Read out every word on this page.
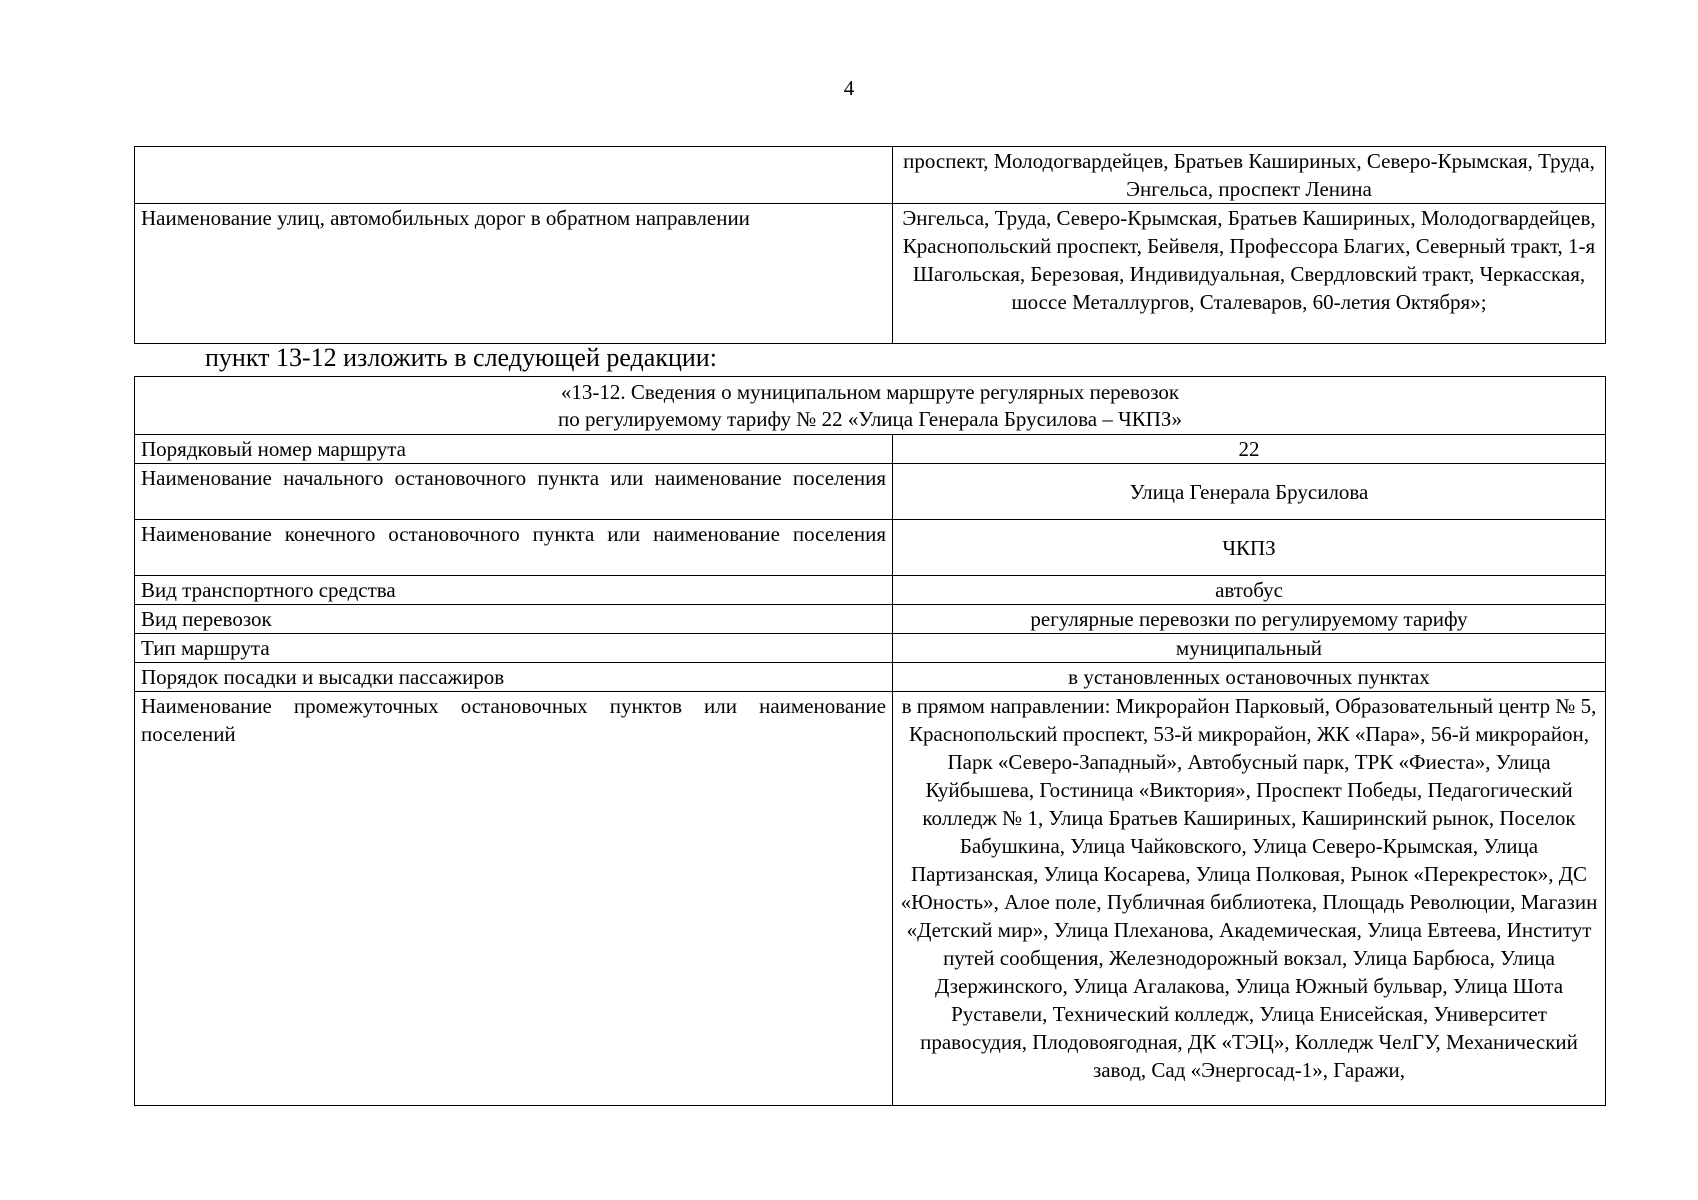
4
	проспект, Молодогвардейцев, Братьев Кашириных, Северо-Крымская, Труда, Энгельса, проспект Ленина
Наименование улиц, автомобильных дорог в обратном направлении	Энгельса, Труда, Северо-Крымская, Братьев Кашириных, Молодогвардейцев, Краснопольский проспект, Бейвеля, Профессора Благих, Северный тракт, 1-я Шагольская, Березовая, Индивидуальная, Свердловский тракт, Черкасская, шоссе Металлургов, Сталеваров, 60-летия Октября»;
пункт 13-12 изложить в следующей редакции:
«13-12. Сведения о муниципальном маршруте регулярных перевозок
по регулируемому тарифу № 22 «Улица Генерала Брусилова – ЧКПЗ»	

Порядковый номер маршрута	22
Наименование начального остановочного пункта или наименование поселения	Улица Генерала Брусилова
Наименование конечного остановочного пункта или наименование поселения	ЧКПЗ
Вид транспортного средства	автобус
Вид перевозок	регулярные перевозки по регулируемому тарифу
Тип маршрута	муниципальный
Порядок посадки и высадки пассажиров	в установленных остановочных пунктах
Наименование промежуточных остановочных пунктов или наименование поселений	в прямом направлении: Микрорайон Парковый, Образовательный центр № 5, Краснопольский проспект, 53-й микрорайон, ЖК «Пара», 56-й микрорайон, Парк «Северо-Западный», Автобусный парк, ТРК «Фиеста», Улица Куйбышева, Гостиница «Виктория», Проспект Победы, Педагогический колледж № 1, Улица Братьев Кашириных, Каширинский рынок, Поселок Бабушкина, Улица Чайковского, Улица Северо-Крымская, Улица Партизанская, Улица Косарева, Улица Полковая, Рынок «Перекресток», ДС «Юность», Алое поле, Публичная библиотека, Площадь Революции, Магазин «Детский мир», Улица Плеханова, Академическая, Улица Евтеева, Институт путей сообщения, Железнодорожный вокзал, Улица Барбюса, Улица Дзержинского, Улица Агалакова, Улица Южный бульвар, Улица Шота Руставели, Технический колледж, Улица Енисейская, Университет правосудия, Плодовоягодная, ДК «ТЭЦ», Колледж ЧелГУ, Механический завод, Сад «Энергосад-1», Гаражи,
